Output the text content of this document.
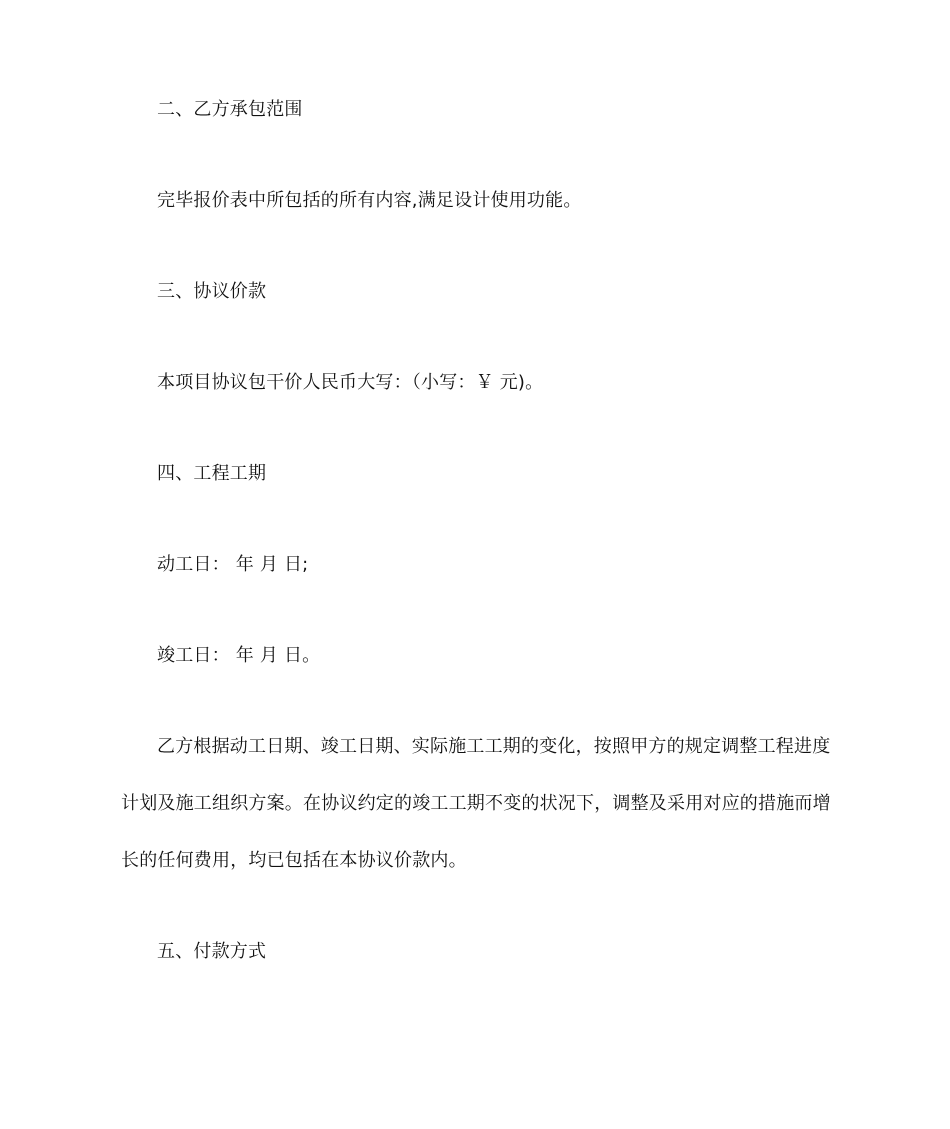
二、乙方承包范围

完毕报价表中所包括的所有内容,满足设计使用功能。

三、协议价款

本项目协议包干价人民币大写：（小写：￥ 元)。

四、工程工期

动工日： 年 月 日;

竣工日： 年 月 日。

乙方根据动工日期、竣工日期、实际施工工期的变化，按照甲方的规定调整工程进度

计划及施工组织方案。在协议约定的竣工工期不变的状况下，调整及采用对应的措施而增

长的任何费用，均已包括在本协议价款内。

五、付款方式
